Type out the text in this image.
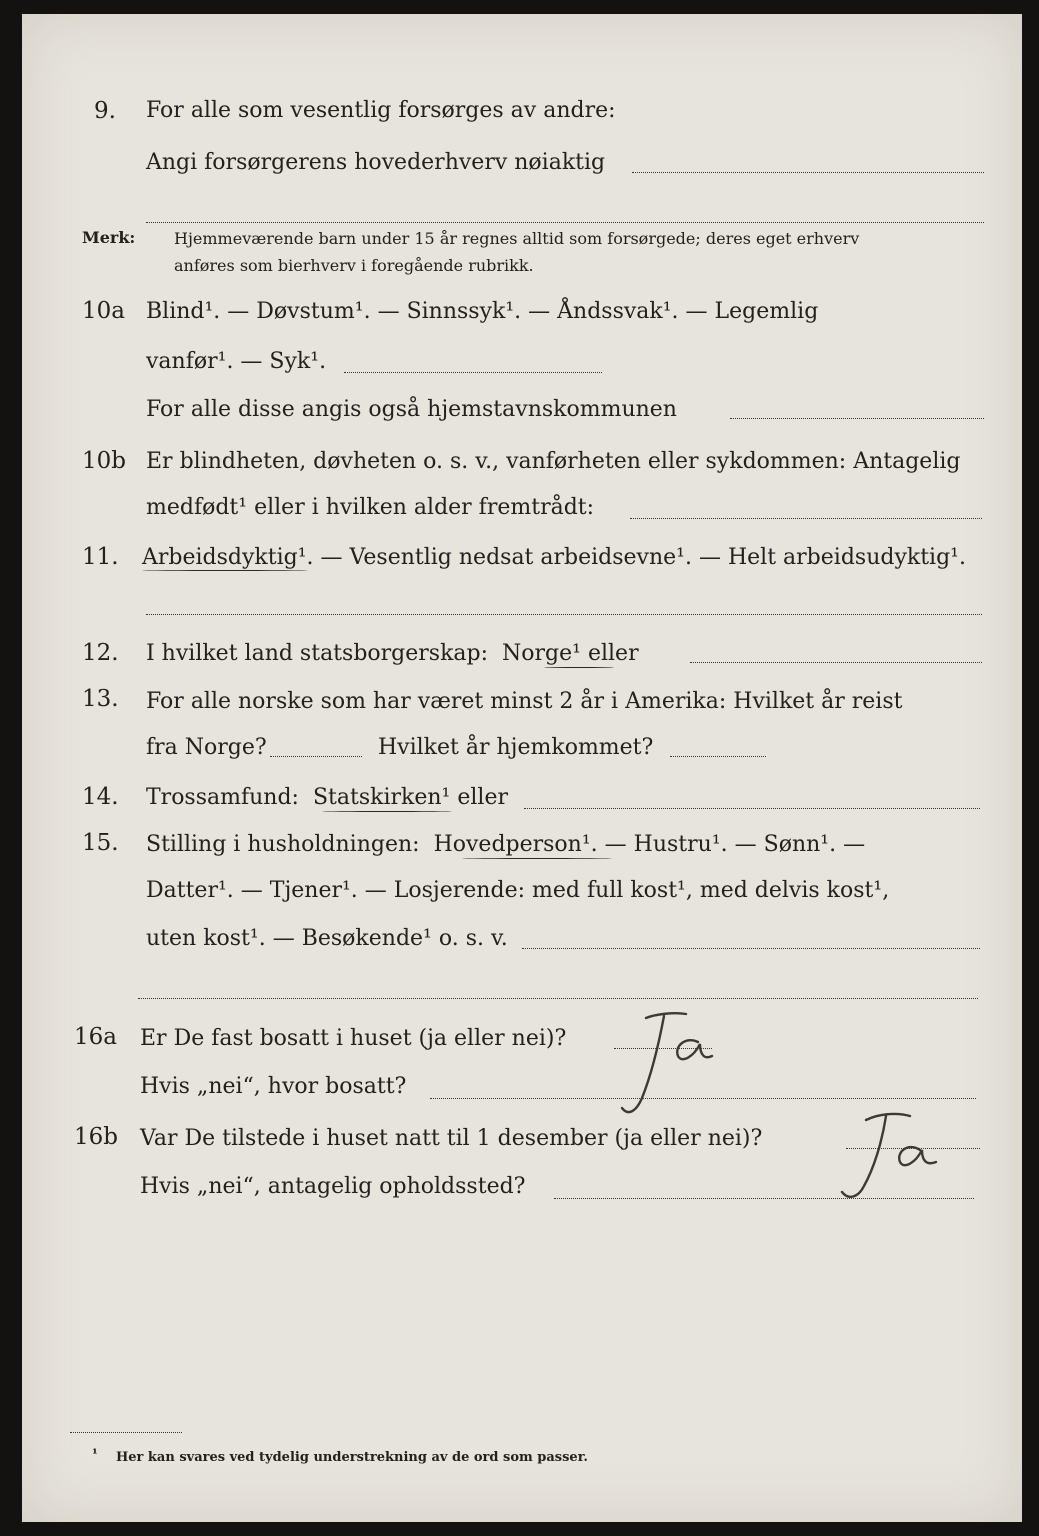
9. For alle som vesentlig forsørges av andre:
Angi forsørgerens hovederhverv nøiaktig
Merk: Hjemmeværende barn under 15 år regnes alltid som forsørgede; deres eget erhverv
anføres som bierhverv i foregående rubrikk.
10a Blind¹. — Døvstum¹. — Sinnssyk¹. — Åndssvak¹. — Legemlig
vanfør¹. — Syk¹.
For alle disse angis også hjemstavnskommunen
10b Er blindheten, døvheten o. s. v., vanførheten eller sykdommen: Antagelig
medfødt¹ eller i hvilken alder fremtrådt:
11. Arbeidsdyktig¹. — Vesentlig nedsat arbeidsevne¹. — Helt arbeidsudyktig¹.
12. I hvilket land statsborgerskap: Norge¹ eller
13. For alle norske som har været minst 2 år i Amerika: Hvilket år reist
fra Norge?	Hvilket år hjemkommet?
14. Trossamfund: Statskirken¹ eller
15. Stilling i husholdningen: Hovedperson¹. — Hustru¹. — Sønn¹. —
Datter¹. — Tjener¹. — Losjerende: med full kost¹, med delvis kost¹,
uten kost¹. — Besøkende¹ o. s. v.
16a Er De fast bosatt i huset (ja eller nei)?
Hvis „nei“, hvor bosatt?
16b Var De tilstede i huset natt til 1 desember (ja eller nei)?
Hvis „nei“, antagelig opholdssted?
¹ Her kan svares ved tydelig understrekning av de ord som passer.
